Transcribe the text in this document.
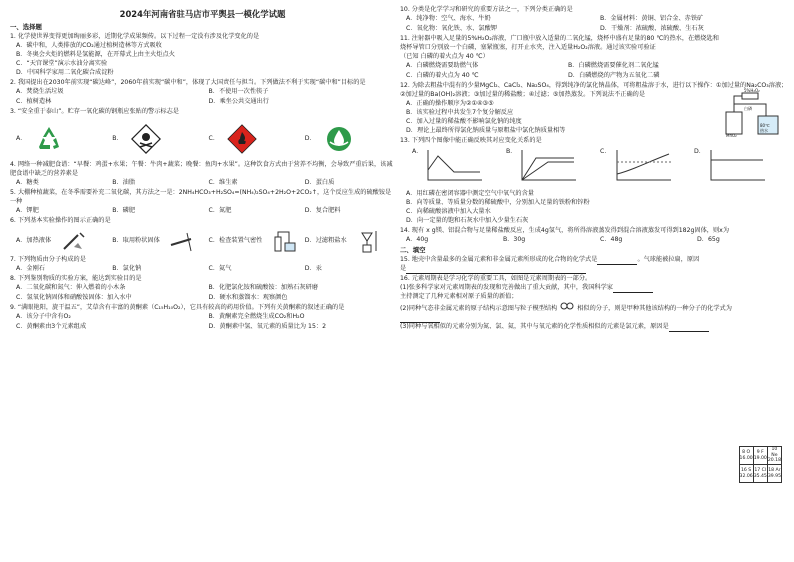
2024年河南省驻马店市平舆县一模化学试题
一、选择题
1. 化学使世界变得更加绚丽多彩，近期化学成果频传。以下过程一定没有涉及化学变化的是
A．碳中和，人类排放的CO₂通过植树造林等方式吸收
B．冬奥会火炬的燃料是氢能源，在开幕式上由主火炬点火
C．“天宫课堂”演示水油分离实验
D．中国科学家用二氧化碳合成淀粉
2. 我国提出在2030年前实现“碳达峰”，2060年前实现“碳中和”，体现了大国责任与担当。下列做法不利于实现“碳中和”目标的是
A．焚烧生活垃圾	B．不使用一次性筷子
C．植树造林	D．乘坐公共交通出行
3. “安全重于泰山”。贮存一氧化碳的钢瓶应张贴的警示标志是
A．	B．	C．	D．
4. 网络一种减肥食谱：“早餐：鸡蛋+水果；午餐：牛肉+蔬菜；晚餐：鱼肉+水果”。这种饮食方式由于营养不均衡，会导致严重后果，该减肥食谱中缺乏的营养素是
A．糖类	B．油脂	C．维生素	D．蛋白质
5. 大棚种植蔬菜，在冬季需要补充二氧化碳，其方法之一是：2NH₄HCO₃+H₂SO₄=(NH₄)₂SO₄+2H₂O+2CO₂↑，这个反应生成的硫酸铵是一种
A．钾肥	B．磷肥	C．氮肥	D．复合肥料
6. 下列基本实验操作的图示正确的是
A．加热液体	B．取用粉状固体	C．检查装置气密性	D．过滤粗盐水
7. 下列物质由分子构成的是
A．金刚石	B．氯化钠	C．氦气	D．汞
8. 下列鉴别物质的实验方案，能达到实验目的是
A．二氧化碳和氮气：伸入燃着的小木条	B．化肥氯化铵和硫酸铵：加熟石灰研磨
C．氢氧化钠固体和硝酸铵固体：加入水中	D．硬水和蒸馏水：观察颜色
9. “满眼艳阳，旋干温五”，艾草含有丰富的黄酮素（C₁₅H₁₀O₂），它具有较高的药用价值。下列有关黄酮素的叙述正确的是
A．该分子中含有O₂	B．黄酮素完全燃烧生成CO₂和H₂O
C．黄酮素由3个元素组成	D．黄酮素中氢、氧元素的质量比为 15：2
10. 分类是化学学习和研究的重要方法之一，下列分类正确的是
A．纯净物：空气、海水、牛奶	B．金属材料：黄铜、铝合金、赤铁矿
C．氧化物：氧化铁、水、氯酸钾	D．干燥剂：浓硫酸、浓硫酸、生石灰
11. 注射器中吸入足量的5%H₂O₂溶液，广口瓶中放入适量的二氧化锰，烧杯中盛有足量的80 ℃的热水，在燃烧匙和烧杯导管口分别放一个白磷，塞紧瓶塞，打开止水夹，注入适量H₂O₂溶液。通过该实验可验证
（已知 白磷的着火点为 40 ℃）
A．白磷燃烧需要助燃气体	B．白磷燃烧需要催化剂二氧化锰
C．白磷的着火点为 40 ℃	D．白磷燃烧的产物为五氧化二磷
12. 为除去粗盐中混有的少量MgCl₂、CaCl₂、Na₂SO₄，得到纯净的氯化钠晶体，可将粗盐溶于水，进行以下操作：①加过量的Na₂CO₃溶液；②加过量的Ba(OH)₂溶液；③加过量的稀盐酸；④过滤；⑤加热蒸发。下列说法不正确的是
A．正确的操作顺序为②①④③⑤
B．该实验过程中共发生7个复分解反应
C．加入过量的稀盐酸不影响氯化钠的纯度
D．理论上最终所得氯化钠质量与原粗盐中氯化钠质量相等
13. 下列四个图像中能正确反映其对应变化关系的是
A．	B．	C．	D．
A．用红磷在密闭容器中测定空气中氧气的含量
B．向等质量、等质量分数的稀硫酸中，分别加入足量的铁粉和锌粉
C．向稀硫酸溶液中加入大量水
D．向一定量的饱和石灰水中加入少量生石灰
14. 现有 x g镁、铝混合物与足量稀盐酸反应，生成4g氢气，将所得溶液蒸发得到混合溶液蒸发可得到182g固体，则x为
A．40g	B．30g	C．48g	D．65g
二、填空
15. 地壳中含量最多的金属元素和非金属元素所形成的化合物的化学式是	。气球能被拉扁，原因
是
16. 元素周期表是学习化学的重要工具，如图是元素周期表的一部分。
(1)张多科学家对元素周期表的发现和完善做出了重大贡献，其中，我国科学家
主持测定了几种元素相对原子质量的新值；
(2)同种气态非金属元素的原子结构示意图与粒子模型结构	相似的分子，则是甲种其他该结构的一种分子的化学式为
(3)同种与氧相似的元素分别为氮、氯、氦，其中与氧元素的化学性质相似的元素是氯元素，原因是
80℃
热水
MnO₂
白磷
5%H₂O₂
8 O 16.00	9 F 19.00	10 Ne 20.18
16 S 32.06	17 Cl 35.45	18 Ar 39.95
